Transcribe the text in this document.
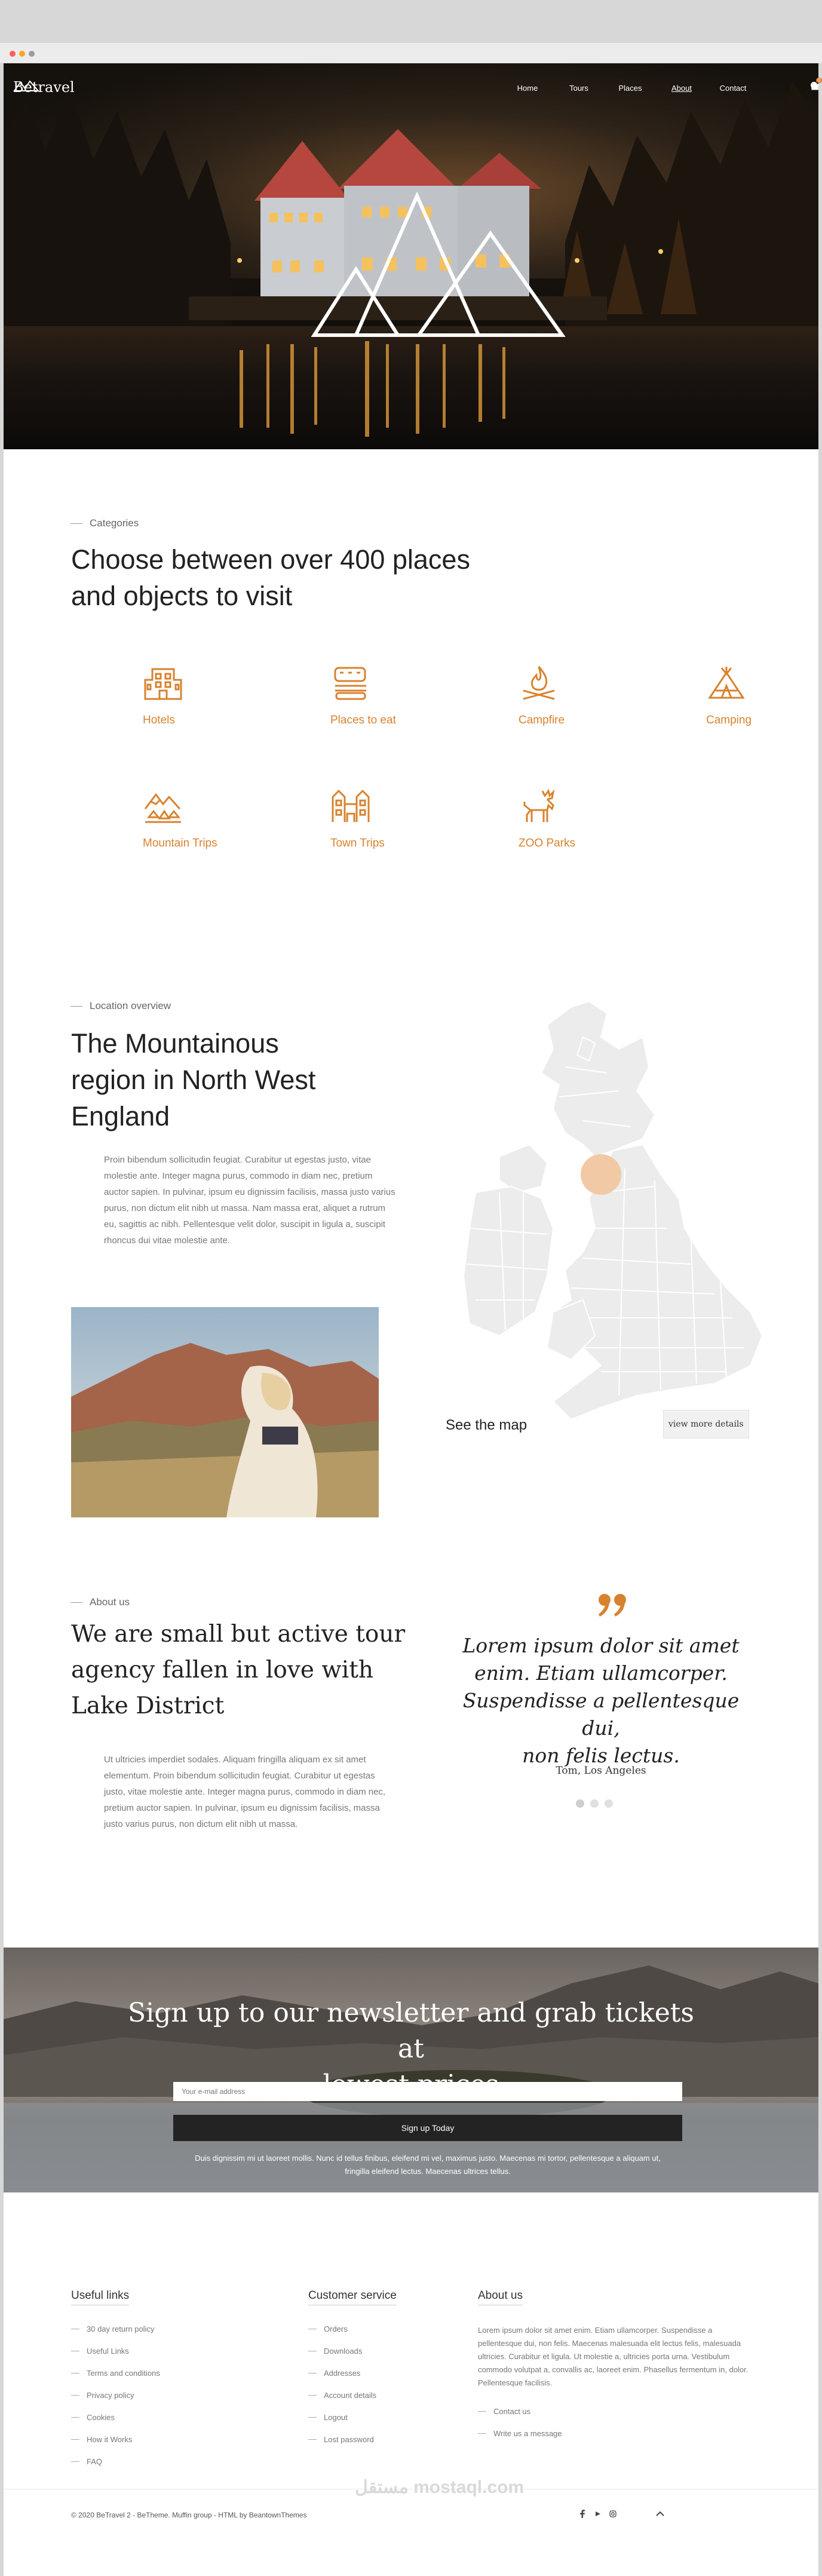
Betravel	Home	Tours	Places	About	Contact
0
Categories
Choose between over 400 places
and objects to visit
Hotels	Places to eat	Campfire	Camping
Mountain Trips	Town Trips	ZOO Parks
Location overview
The Mountainous
region in North West
England
Proin bibendum sollicitudin feugiat. Curabitur ut egestas justo, vitae molestie ante. Integer magna purus, commodo in diam nec, pretium auctor sapien. In pulvinar, ipsum eu dignissim facilisis, massa justo varius purus, non dictum elit nibh ut massa. Nam massa erat, aliquet a rutrum eu, sagittis ac nibh. Pellentesque velit dolor, suscipit in ligula a, suscipit rhoncus dui vitae molestie ante.
See the map	view more details
About us
We are small but active tour
agency fallen in love with
Lake District
Ut ultricies imperdiet sodales. Aliquam fringilla aliquam ex sit amet elementum. Proin bibendum sollicitudin feugiat. Curabitur ut egestas justo, vitae molestie ante. Integer magna purus, commodo in diam nec, pretium auctor sapien. In pulvinar, ipsum eu dignissim facilisis, massa justo varius purus, non dictum elit nibh ut massa.
Lorem ipsum dolor sit amet
enim. Etiam ullamcorper.
Suspendisse a pellentesque dui,
non felis lectus.
Tom, Los Angeles
Sign up to our newsletter and grab tickets at
Your e-mail address
Sign up Today
Duis dignissim mi ut laoreet mollis. Nunc id tellus finibus, eleifend mi vel, maximus justo. Maecenas mi tortor, pellentesque a aliquam ut,
fringilla eleifend lectus. Maecenas ultrices tellus.
Useful links
30 day return policy
Useful Links
Terms and conditions
Privacy policy
Cookies
How it Works
FAQ
Customer service
Orders
Downloads
Addresses
Account details
Logout
Lost password
About us
Lorem ipsum dolor sit amet enim. Etiam ullamcorper. Suspendisse a pellentesque dui, non felis. Maecenas malesuada elit lectus felis, malesuada ultricies. Curabitur et ligula. Ut molestie a, ultricies porta urna. Vestibulum commodo volutpat a, convallis ac, laoreet enim. Phasellus fermentum in, dolor. Pellentesque facilisis.
Contact us
Write us a message
© 2020 BeTravel 2 - BeTheme. Muffin group - HTML by BeantownThemes
مستقل mostaql.com
